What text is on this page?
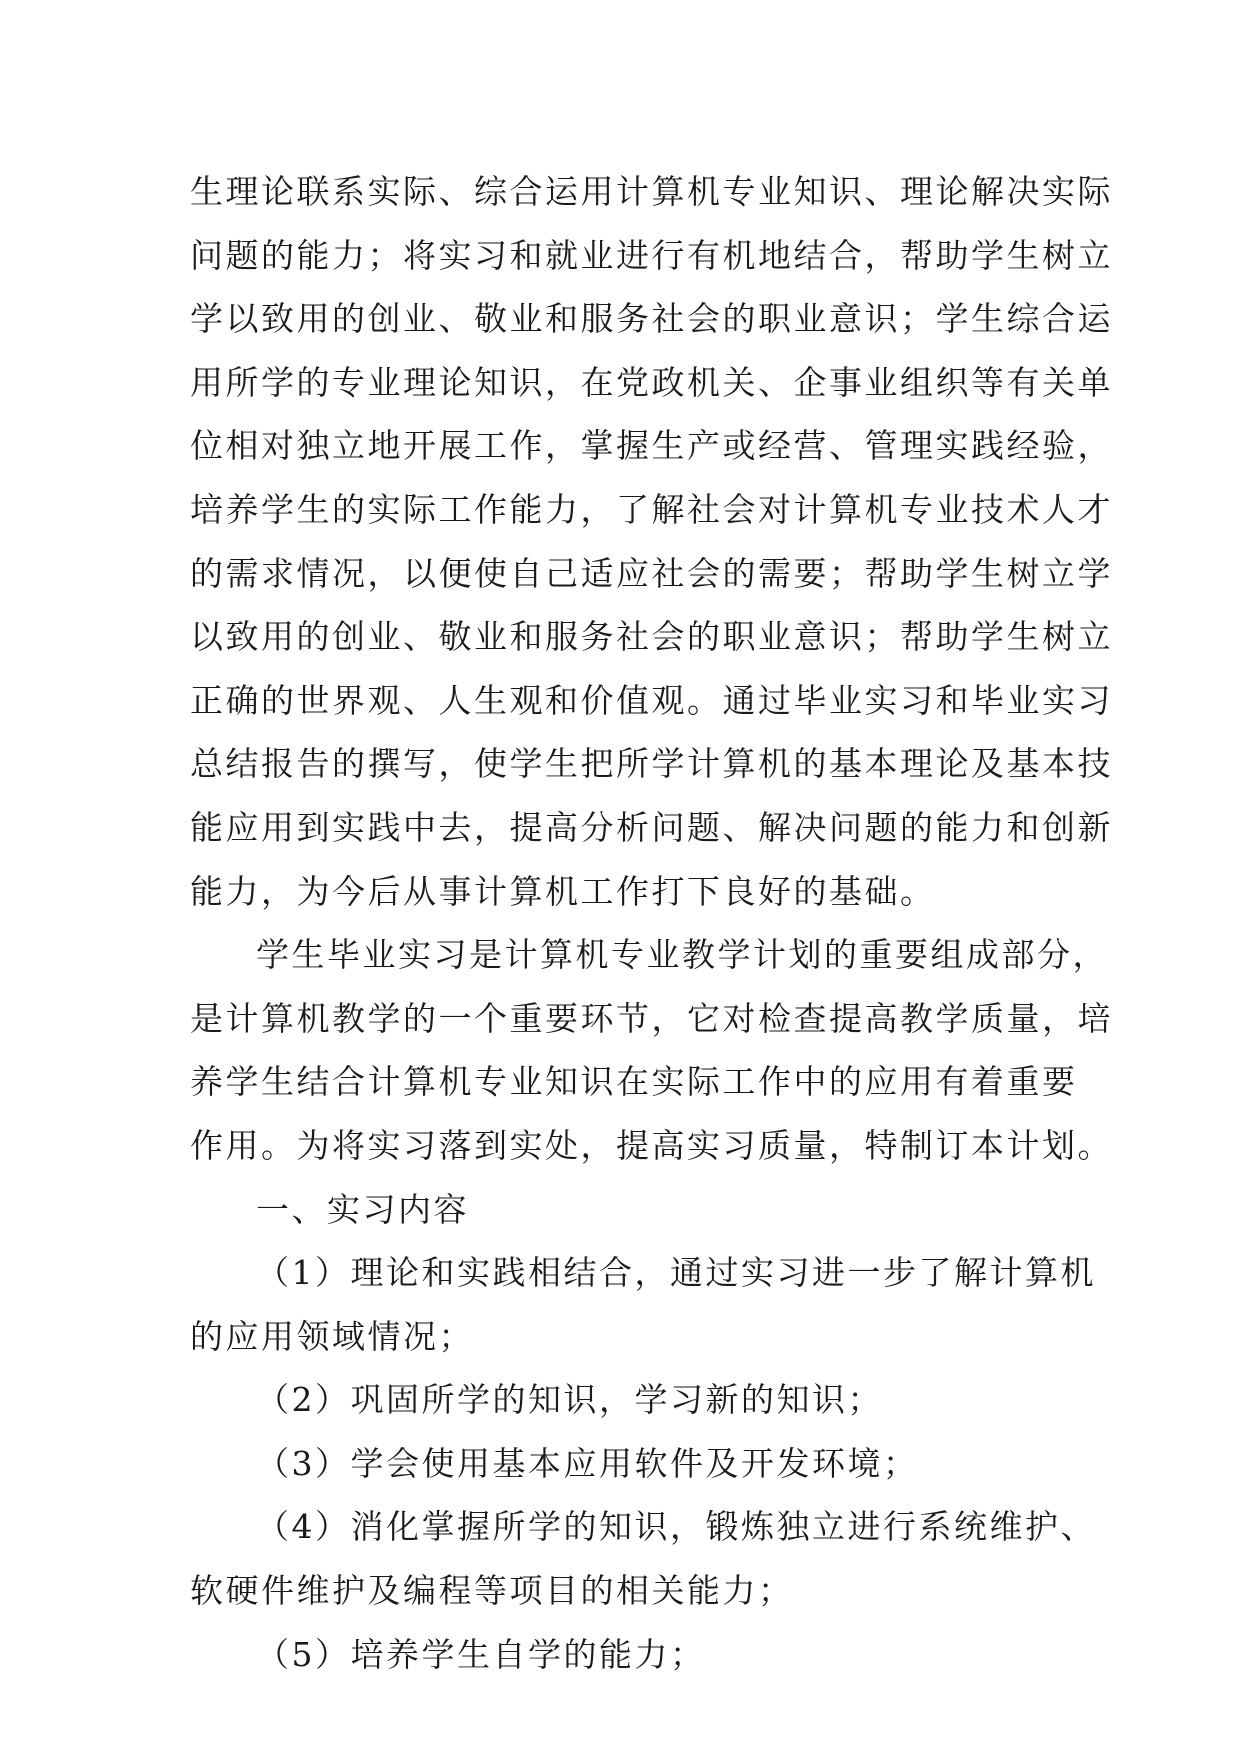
生理论联系实际、综合运用计算机专业知识、理论解决实际
问题的能力；将实习和就业进行有机地结合，帮助学生树立
学以致用的创业、敬业和服务社会的职业意识；学生综合运
用所学的专业理论知识，在党政机关、企事业组织等有关单
位相对独立地开展工作，掌握生产或经营、管理实践经验，
培养学生的实际工作能力，了解社会对计算机专业技术人才
的需求情况，以便使自己适应社会的需要；帮助学生树立学
以致用的创业、敬业和服务社会的职业意识；帮助学生树立
正确的世界观、人生观和价值观。通过毕业实习和毕业实习
总结报告的撰写，使学生把所学计算机的基本理论及基本技
能应用到实践中去，提高分析问题、解决问题的能力和创新
能力，为今后从事计算机工作打下良好的基础。
学生毕业实习是计算机专业教学计划的重要组成部分，
是计算机教学的一个重要环节，它对检查提高教学质量，培
养学生结合计算机专业知识在实际工作中的应用有着重要
作用。为将实习落到实处，提高实习质量，特制订本计划。
一、实习内容
（1）理论和实践相结合，通过实习进一步了解计算机
的应用领域情况；
（2）巩固所学的知识，学习新的知识；
（3）学会使用基本应用软件及开发环境；
（4）消化掌握所学的知识，锻炼独立进行系统维护、
软硬件维护及编程等项目的相关能力；
（5）培养学生自学的能力；
